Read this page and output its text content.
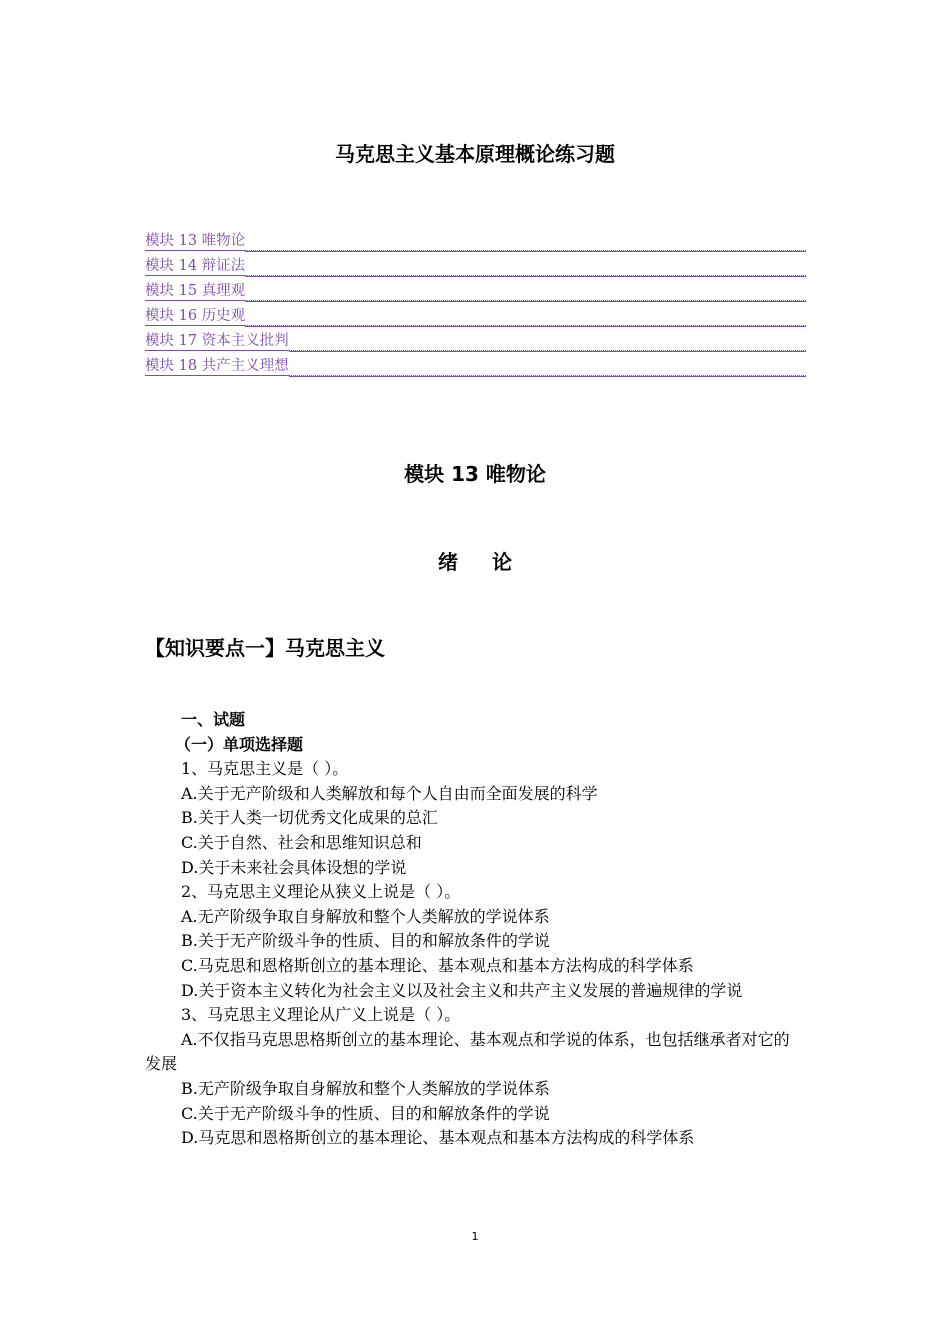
马克思主义基本原理概论练习题
模块 13 唯物论
模块 14 辩证法
模块 15 真理观
模块 16 历史观
模块 17 资本主义批判
模块 18 共产主义理想
模块 13 唯物论
绪 论
【知识要点一】马克思主义
一、试题
（一）单项选择题
1、马克思主义是（ ）。
A.关于无产阶级和人类解放和每个人自由而全面发展的科学
B.关于人类一切优秀文化成果的总汇
C.关于自然、社会和思维知识总和
D.关于未来社会具体设想的学说
2、马克思主义理论从狭义上说是（ ）。
A.无产阶级争取自身解放和整个人类解放的学说体系
B.关于无产阶级斗争的性质、目的和解放条件的学说
C.马克思和恩格斯创立的基本理论、基本观点和基本方法构成的科学体系
D.关于资本主义转化为社会主义以及社会主义和共产主义发展的普遍规律的学说
3、马克思主义理论从广义上说是（ ）。
A.不仅指马克思思格斯创立的基本理论、基本观点和学说的体系，也包括继承者对它的发展
B.无产阶级争取自身解放和整个人类解放的学说体系
C.关于无产阶级斗争的性质、目的和解放条件的学说
D.马克思和恩格斯创立的基本理论、基本观点和基本方法构成的科学体系
1
